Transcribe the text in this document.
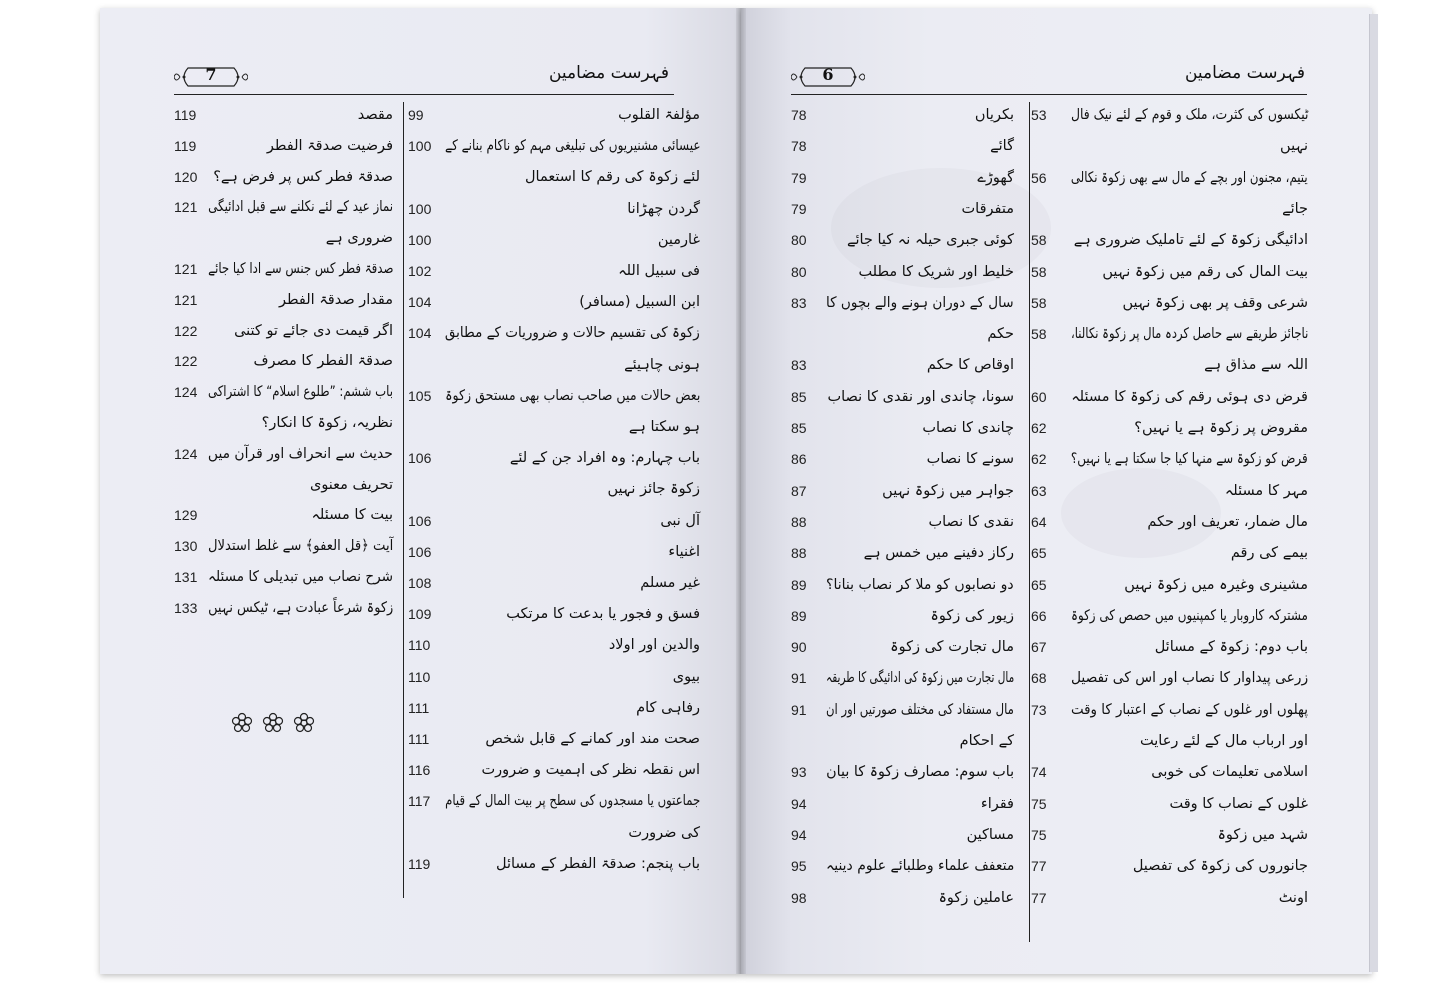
7	فہرست مضامین
مؤلفۃ القلوب
99
عیسائی مشنیریوں کی تبلیغی مہم کو ناکام بنانے کے
100
لئے زکوۃ کی رقم کا استعمال
گردن چھڑانا
100
غارمین
100
فی سبیل اللہ
102
ابن السبیل (مسافر)
104
زکوۃ کی تقسیم حالات و ضروریات کے مطابق
104
ہونی چاہیئے
بعض حالات میں صاحب نصاب بھی مستحق زکوۃ
105
ہو سکتا ہے
باب چہارم: وہ افراد جن کے لئے
106
زکوۃ جائز نہیں
آل نبی
106
اغنیاء
106
غیر مسلم
108
فسق و فجور یا بدعت کا مرتکب
109
والدین اور اولاد
110
بیوی
110
رفاہی کام
111
صحت مند اور کمانے کے قابل شخص
111
اس نقطہ نظر کی اہمیت و ضرورت
116
جماعتوں یا مسجدوں کی سطح پر بیت المال کے قیام
117
کی ضرورت
باب پنجم: صدقۃ الفطر کے مسائل
119
مقصد
119
فرضیت صدقۃ الفطر
119
صدقۃ فطر کس پر فرض ہے؟
120
نماز عید کے لئے نکلنے سے قبل ادائیگی
121
ضروری ہے
صدقۃ فطر کس جنس سے ادا کیا جائے
121
مقدار صدقۃ الفطر
121
اگر قیمت دی جائے تو کتنی
122
صدقۃ الفطر کا مصرف
122
باب ششم: ”طلوع اسلام“ کا اشتراکی
124
نظریہ، زکوۃ کا انکار؟
حدیث سے انحراف اور قرآن میں
124
تحریف معنوی
بیت کا مسئلہ
129
آیت ﴿قل العفو﴾ سے غلط استدلال
130
شرح نصاب میں تبدیلی کا مسئلہ
131
زکوۃ شرعاً عبادت ہے، ٹیکس نہیں
133
6	فہرست مضامین
ٹیکسوں کی کثرت، ملک و قوم کے لئے نیک فال
53
نہیں
یتیم، مجنون اور بچے کے مال سے بھی زکوۃ نکالی
56
جائے
ادائیگی زکوۃ کے لئے تاملیک ضروری ہے
58
بیت المال کی رقم میں زکوۃ نہیں
58
شرعی وقف پر بھی زکوۃ نہیں
58
ناجائز طریقے سے حاصل کردہ مال پر زکوۃ نکالنا،
58
اللہ سے مذاق ہے
قرض دی ہوئی رقم کی زکوۃ کا مسئلہ
60
مقروض پر زکوۃ ہے یا نہیں؟
62
قرض کو زکوۃ سے منہا کیا جا سکتا ہے یا نہیں؟
62
مہر کا مسئلہ
63
مال ضمار، تعریف اور حکم
64
بیمے کی رقم
65
مشینری وغیرہ میں زکوۃ نہیں
65
مشترکہ کاروبار یا کمپنیوں میں حصص کی زکوۃ
66
باب دوم: زکوۃ کے مسائل
67
زرعی پیداوار کا نصاب اور اس کی تفصیل
68
پھلوں اور غلوں کے نصاب کے اعتبار کا وقت
73
اور ارباب مال کے لئے رعایت
اسلامی تعلیمات کی خوبی
74
غلوں کے نصاب کا وقت
75
شہد میں زکوۃ
75
جانوروں کی زکوۃ کی تفصیل
77
اونٹ
77
بکریاں
78
گائے
78
گھوڑے
79
متفرقات
79
کوئی جبری حیلہ نہ کیا جائے
80
خلیط اور شریک کا مطلب
80
سال کے دوران ہونے والے بچوں کا
83
حکم
اوقاص کا حکم
83
سونا، چاندی اور نقدی کا نصاب
85
چاندی کا نصاب
85
سونے کا نصاب
86
جواہر میں زکوۃ نہیں
87
نقدی کا نصاب
88
رکاز دفینے میں خمس ہے
88
دو نصابوں کو ملا کر نصاب بنانا؟
89
زیور کی زکوۃ
89
مال تجارت کی زکوۃ
90
مال تجارت میں زکوۃ کی ادائیگی کا طریقہ
91
مال مستفاد کی مختلف صورتیں اور ان
91
کے احکام
باب سوم: مصارف زکوۃ کا بیان
93
فقراء
94
مساکین
94
متعفف علماء وطلبائے علوم دینیہ
95
عاملین زکوۃ
98
